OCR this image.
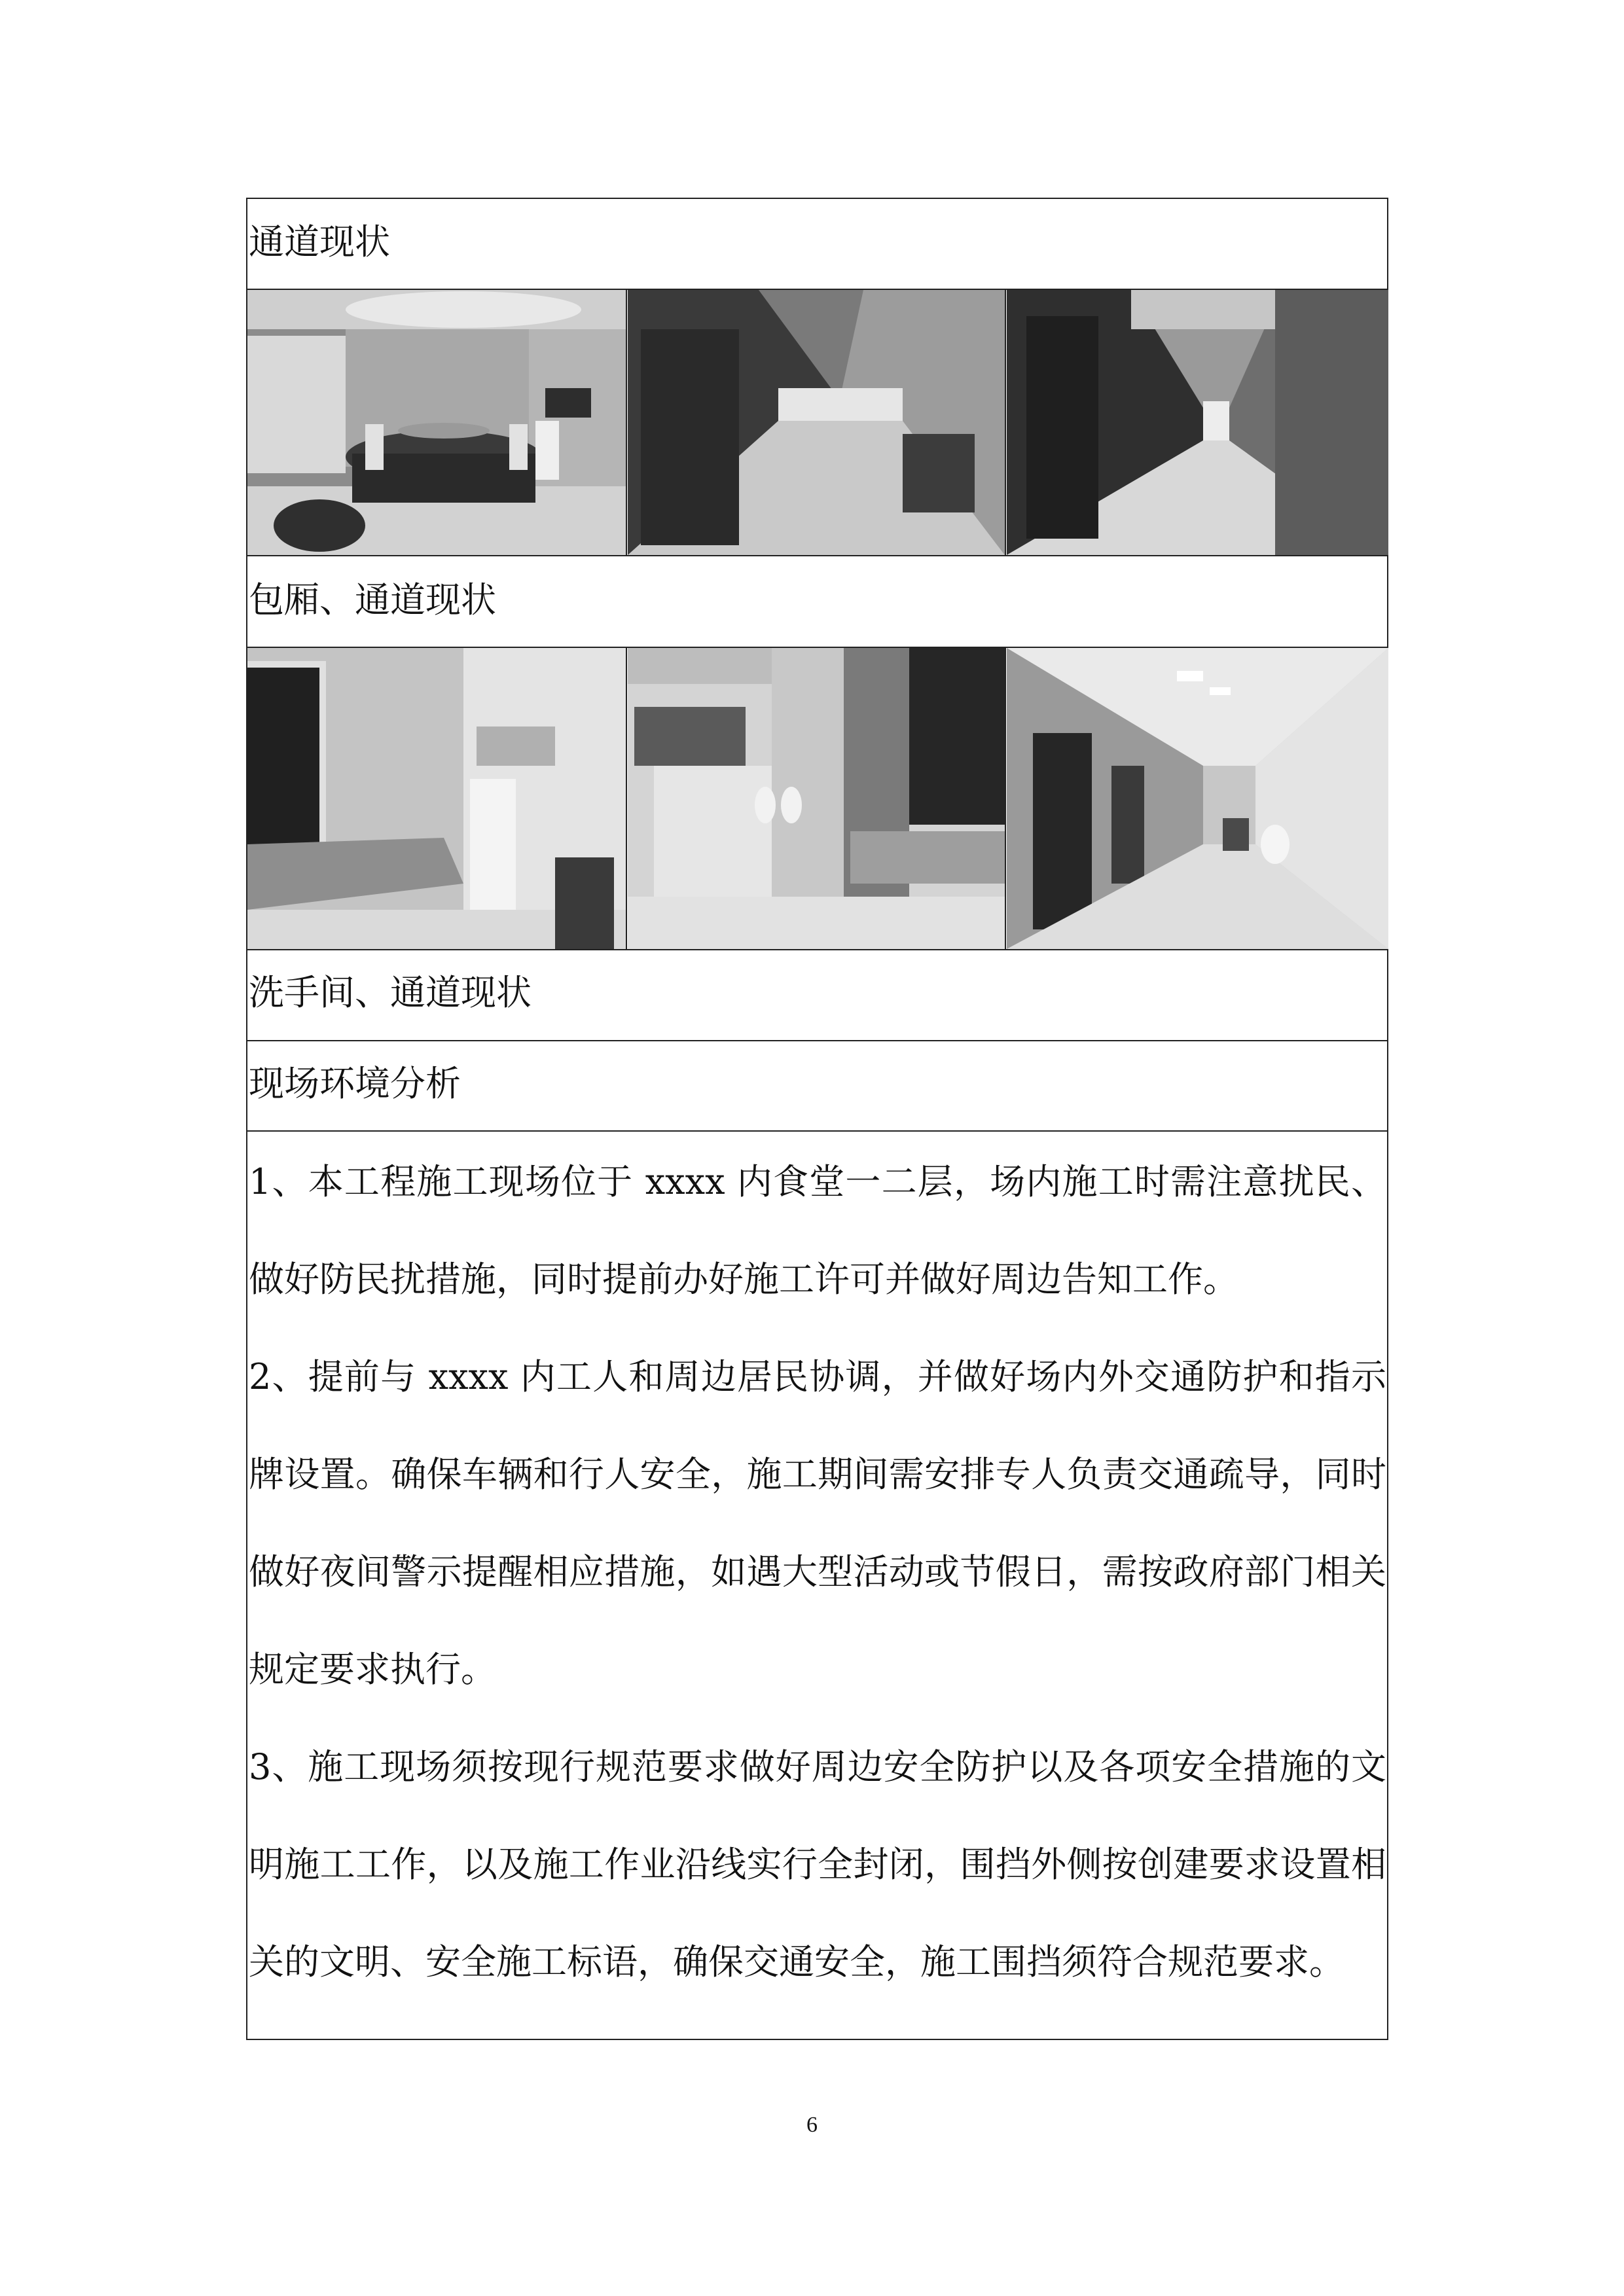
通道现状
包厢、通道现状
洗手间、通道现状
现场环境分析

1、本工程施工现场位于 xxxx 内食堂一二层，场内施工时需注意扰民、做好防民扰措施，同时提前办好施工许可并做好周边告知工作。

2、提前与 xxxx 内工人和周边居民协调，并做好场内外交通防护和指示牌设置。确保车辆和行人安全，施工期间需安排专人负责交通疏导，同时做好夜间警示提醒相应措施，如遇大型活动或节假日，需按政府部门相关规定要求执行。

3、施工现场须按现行规范要求做好周边安全防护以及各项安全措施的文明施工工作，以及施工作业沿线实行全封闭，围挡外侧按创建要求设置相关的文明、安全施工标语，确保交通安全，施工围挡须符合规范要求。

6
